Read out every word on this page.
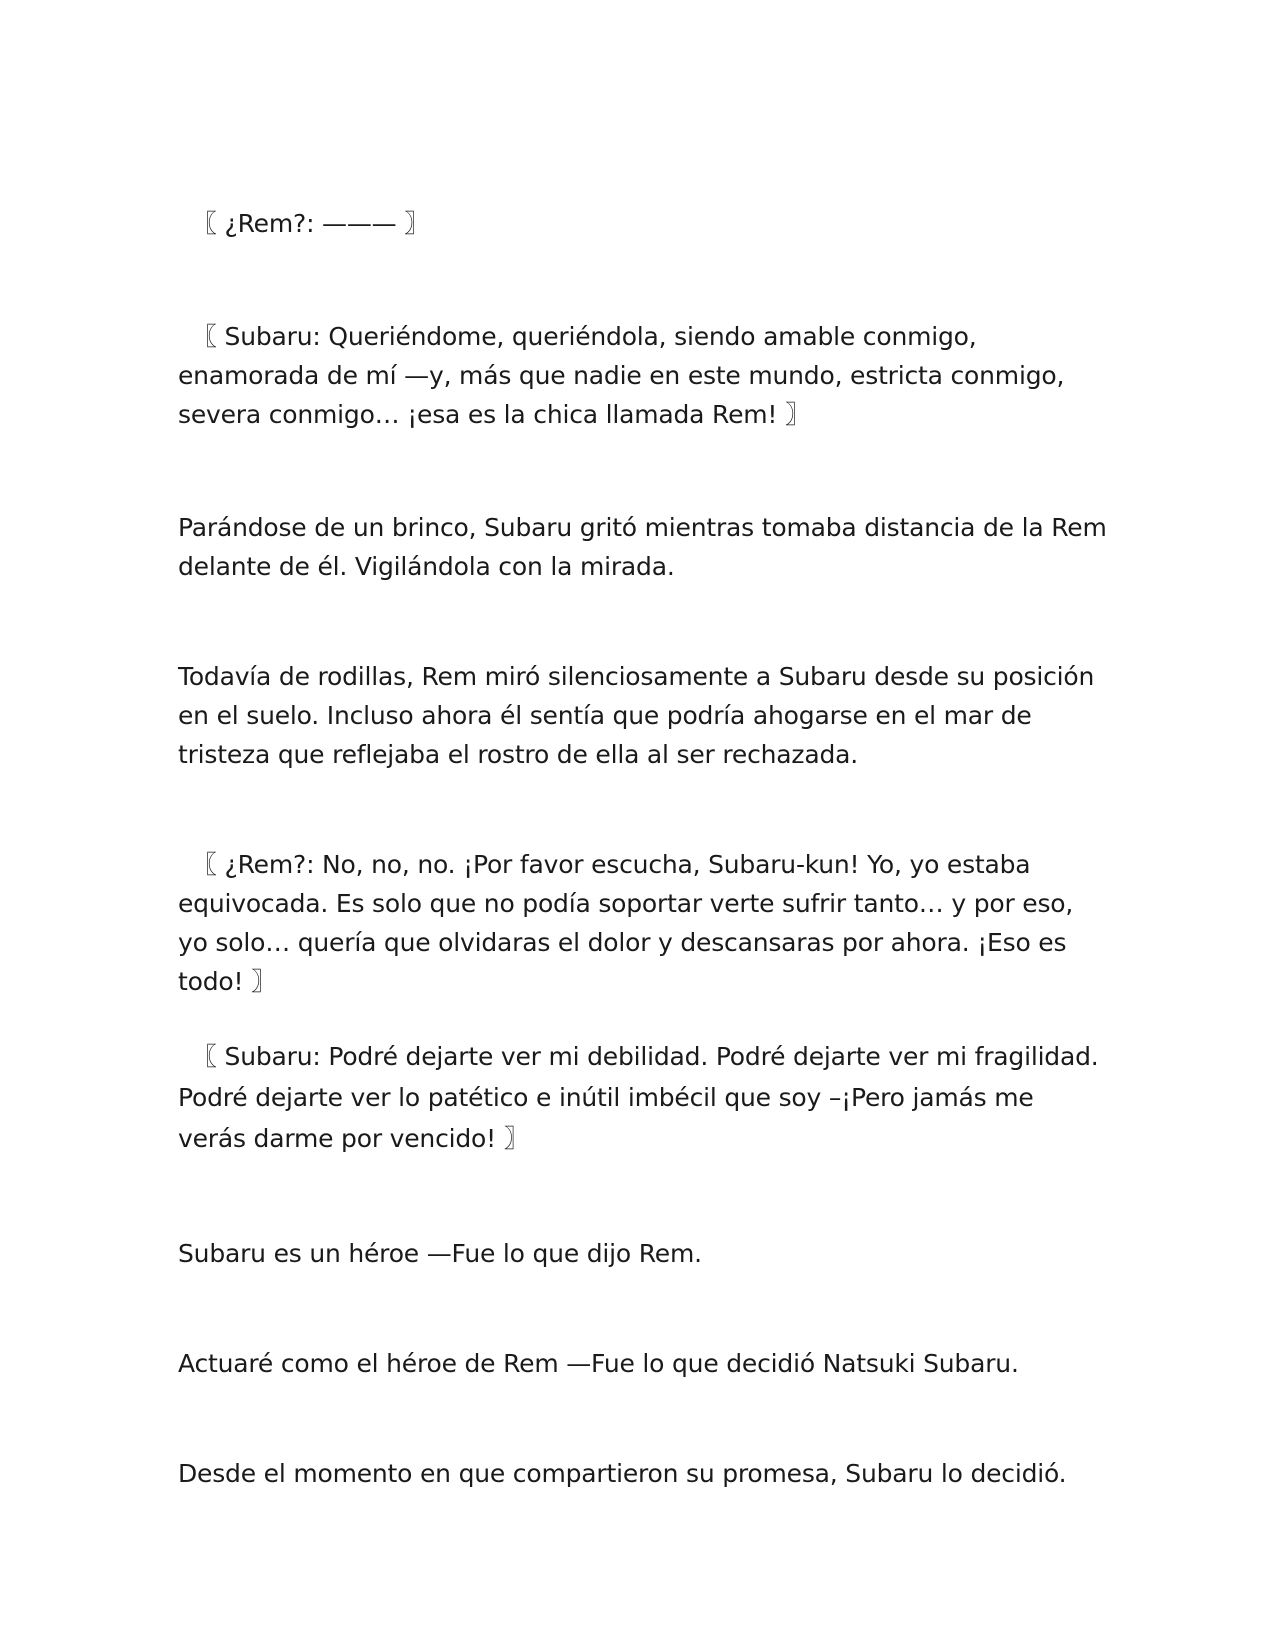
〖 ¿Rem?: ——— 〗

〖 Subaru: Queriéndome, queriéndola, siendo amable conmigo, enamorada de mí —y, más que nadie en este mundo, estricta conmigo, severa conmigo… ¡esa es la chica llamada Rem! 〗

Parándose de un brinco, Subaru gritó mientras tomaba distancia de la Rem delante de él. Vigilándola con la mirada.

Todavía de rodillas, Rem miró silenciosamente a Subaru desde su posición en el suelo. Incluso ahora él sentía que podría ahogarse en el mar de tristeza que reflejaba el rostro de ella al ser rechazada.

〖 ¿Rem?: No, no, no. ¡Por favor escucha, Subaru-kun! Yo, yo estaba equivocada. Es solo que no podía soportar verte sufrir tanto… y por eso, yo solo… quería que olvidaras el dolor y descansaras por ahora. ¡Eso es todo! 〗

〖 Subaru: Podré dejarte ver mi debilidad. Podré dejarte ver mi fragilidad. Podré dejarte ver lo patético e inútil imbécil que soy –¡Pero jamás me verás darme por vencido! 〗

Subaru es un héroe —Fue lo que dijo Rem.

Actuaré como el héroe de Rem —Fue lo que decidió Natsuki Subaru.

Desde el momento en que compartieron su promesa, Subaru lo decidió.
